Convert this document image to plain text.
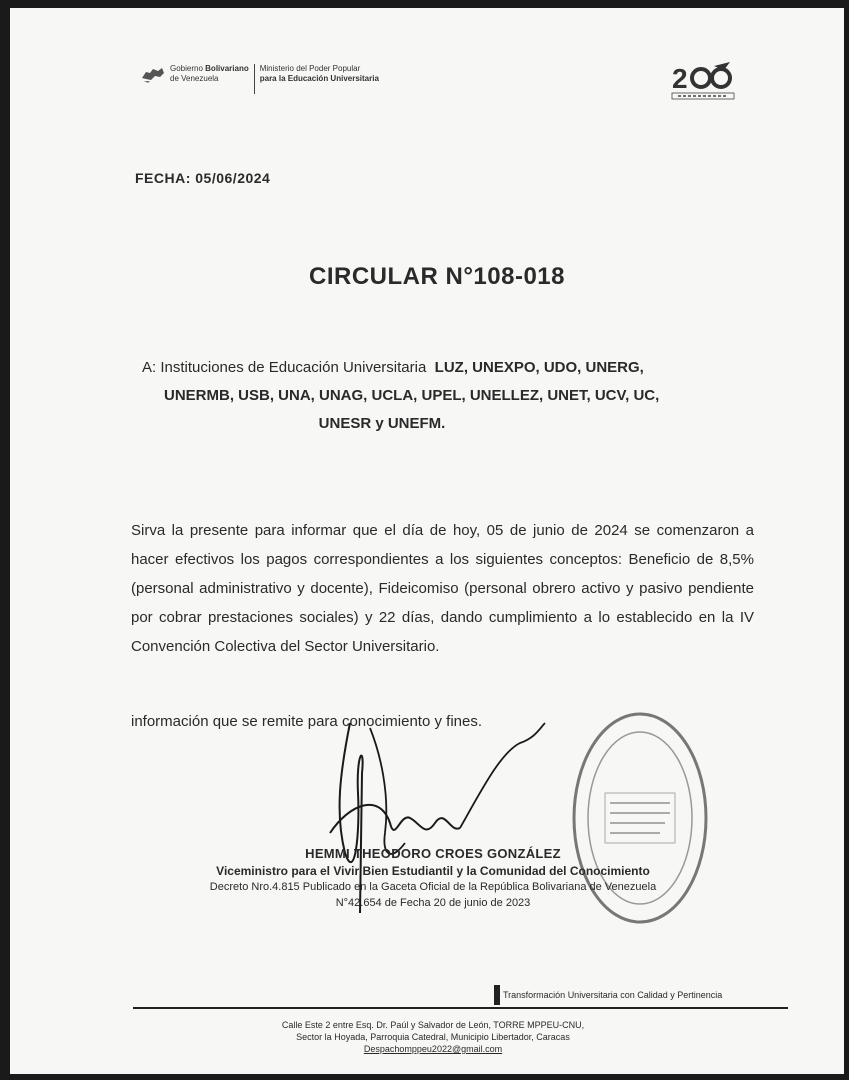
Gobierno Bolivariano
de Venezuela
Ministerio del Poder Popular
para la Educación Universitaria	2
FECHA: 05/06/2024
CIRCULAR N°108-018
A: Instituciones de Educación Universitaria LUZ, UNEXPO, UDO, UNERG,
UNERMB, USB, UNA, UNAG, UCLA, UPEL, UNELLEZ, UNET, UCV, UC,
UNESR y UNEFM.
Sirva la presente para informar que el día de hoy, 05 de junio de 2024 se comenzaron a hacer efectivos los pagos correspondientes a los siguientes conceptos: Beneficio de 8,5% (personal administrativo y docente), Fideicomiso (personal obrero activo y pasivo pendiente por cobrar prestaciones sociales) y 22 días, dando cumplimiento a lo establecido en la IV Convención Colectiva del Sector Universitario.
información que se remite para conocimiento y fines.
HEMMI THEODORO CROES GONZÁLEZ
Viceministro para el Vivir Bien Estudiantil y la Comunidad del Conocimiento
Decreto Nro.4.815 Publicado en la Gaceta Oficial de la República Bolivariana de Venezuela
N°42.654 de Fecha 20 de junio de 2023
Transformación Universitaria con Calidad y Pertinencia
Calle Este 2 entre Esq. Dr. Paúl y Salvador de León, TORRE MPPEU-CNU,
Sector la Hoyada, Parroquia Catedral, Municipio Libertador, Caracas
Despachomppeu2022@gmail.com
